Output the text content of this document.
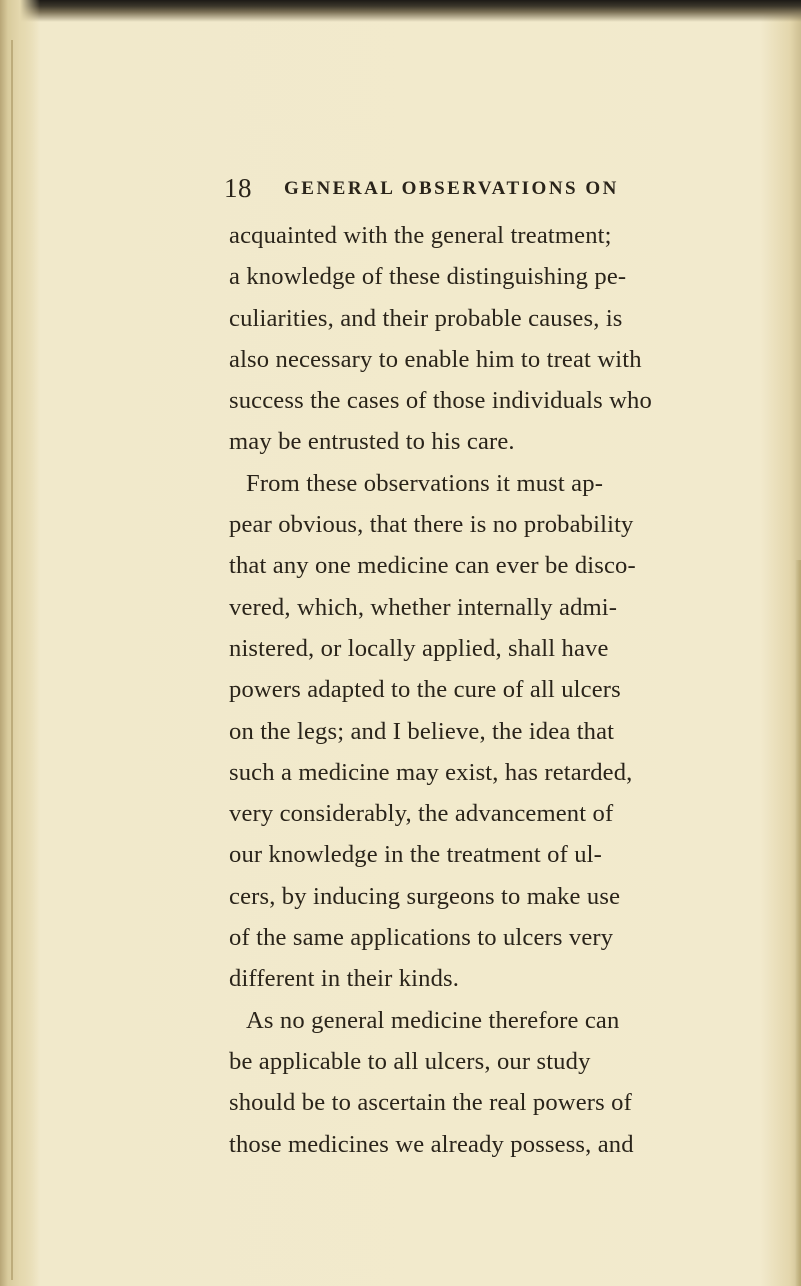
18 GENERAL OBSERVATIONS ON
acquainted with the general treatment;
a knowledge of these distinguishing pe-
culiarities, and their probable causes, is
also necessary to enable him to treat with
success the cases of those individuals who
may be entrusted to his care.
From these observations it must ap-
pear obvious, that there is no probability
that any one medicine can ever be disco-
vered, which, whether internally admi-
nistered, or locally applied, shall have
powers adapted to the cure of all ulcers
on the legs; and I believe, the idea that
such a medicine may exist, has retarded,
very considerably, the advancement of
our knowledge in the treatment of ul-
cers, by inducing surgeons to make use
of the same applications to ulcers very
different in their kinds.
As no general medicine therefore can
be applicable to all ulcers, our study
should be to ascertain the real powers of
those medicines we already possess, and
